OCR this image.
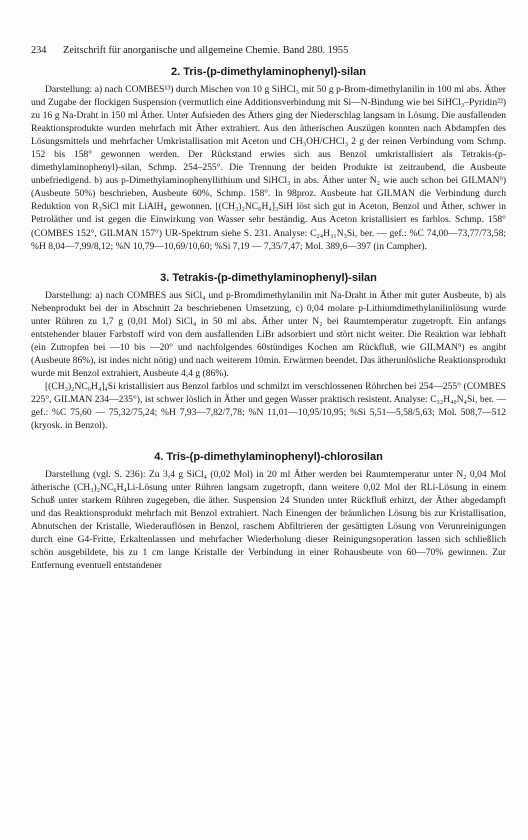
234 Zeitschrift für anorganische und allgemeine Chemie. Band 280. 1955
2. Tris-(p-dimethylaminophenyl)-silan

Darstellung: a) nach COMBES¹³) durch Mischen von 10 g SiHCl₃ mit 50 g p-Brom-dimethylanilin in 100 ml abs. Äther und Zugabe der flockigen Suspension (vermutlich eine Additionsverbindung mit Si—N-Bindung wie bei SiHCl₃–Pyridin²²) zu 16 g Na-Draht in 150 ml Äther. Unter Aufsieden des Äthers ging der Niederschlag langsam in Lösung. Die ausfallenden Reaktionsprodukte wurden mehrfach mit Äther extrahiert. Aus den ätherischen Auszügen konnten nach Abdampfen des Lösungsmittels und mehrfacher Umkristallisation mit Aceton und CH₃OH/CHCl₃ 2 g der reinen Verbindung vom Schmp. 152 bis 158° gewonnen werden. Der Rückstand erwies sich aus Benzol umkristallisiert als Tetrakis-(p-dimethylaminophenyl)-silan, Schmp. 254–255°. Die Trennung der beiden Produkte ist zeitraubend, die Ausbeute unbefriedigend. b) aus p-Dimethylaminophenyllithium und SiHCl₃ in abs. Äther unter N₂ wie auch schon bei GILMAN⁹) (Ausbeute 50%) beschrieben, Ausbeute 60%, Schmp. 158°. In 98proz. Ausbeute hat GILMAN die Verbindung durch Reduktion von R₃SiCl mit LiAlH₄ gewonnen. [(CH₃)₂NC₆H₄]₃SiH löst sich gut in Aceton, Benzol und Äther, schwer in Petroläther und ist gegen die Einwirkung von Wasser sehr beständig. Aus Aceton kristallisiert es farblos. Schmp. 158° (COMBES 152°, GILMAN 157°) UR-Spektrum siehe S. 231. Analyse: C₂₄H₃₁N₃Si, ber. — gef.: %C 74,00—73,77/73,58; %H 8,04—7,99/8,12; %N 10,79—10,69/10,60; %Si 7,19 — 7,35/7,47; Mol. 389,6—397 (in Campher).

3. Tetrakis-(p-dimethylaminophenyl)-silan

Darstellung: a) nach COMBES aus SiCl₄ und p-Bromdimethylanilin mit Na-Draht in Äther mit guter Ausbeute, b) als Nebenprodukt bei der in Abschnitt 2a beschriebenen Umsetzung, c) 0,04 molare p-Lithiumdimethylanilinlösung wurde unter Rühren zu 1,7 g (0,01 Mol) SiCl₄ in 50 ml abs. Äther unter N₂ bei Raumtemperatur zugetropft. Ein anfangs entstehender blauer Farbstoff wird von dem ausfallenden LiBr adsorbiert und stört nicht weiter. Die Reaktion war lebhaft (ein Zutropfen bei —10 bis —20° und nachfolgendes 60stündiges Kochen am Rückfluß, wie GILMAN⁹) es angibt (Ausbeute 86%), ist indes nicht nötig) und nach weiterem 10min. Erwärmen beendet. Das ätherunlösliche Reaktionsprodukt wurde mit Benzol extrahiert, Ausbeute 4,4 g (86%).

[(CH₃)₂NC₆H₄]₄Si kristallisiert aus Benzol farblos und schmilzt im verschlossenen Röhrchen bei 254—255° (COMBES 225°, GILMAN 234—235°), ist schwer löslich in Äther und gegen Wasser praktisch resistent. Analyse: C₃₂H₄₀N₄Si, ber. — gef.: %C 75,60 — 75,32/75,24; %H 7,93—7,82/7,78; %N 11,01—10,95/10,95; %Si 5,51—5,58/5,63; Mol. 508,7—512 (kryosk. in Benzol).

4. Tris-(p-dimethylaminophenyl)-chlorosilan

Darstellung (vgl. S. 236): Zu 3,4 g SiCl₄ (0,02 Mol) in 20 ml Äther werden bei Raumtemperatur unter N₂ 0,04 Mol ätherische (CH₃)₂NC₆H₄Li-Lösung unter Rühren langsam zugetropft, dann weitere 0,02 Mol der RLi-Lösung in einem Schuß unter starkem Rühren zugegeben, die äther. Suspension 24 Stunden unter Rückfluß erhitzt, der Äther abgedampft und das Reaktionsprodukt mehrfach mit Benzol extrahiert. Nach Einengen der bräunlichen Lösung bis zur Kristallisation, Abnutschen der Kristalle, Wiederauflösen in Benzol, raschem Abfiltrieren der gesättigten Lösung von Verunreinigungen durch eine G4-Fritte, Erkaltenlassen und mehrfacher Wiederholung dieser Reinigungsoperation lassen sich schließlich schön ausgebildete, bis zu 1 cm lange Kristalle der Verbindung in einer Rohausbeute von 60—70% gewinnen. Zur Entfernung eventuell entstandener
